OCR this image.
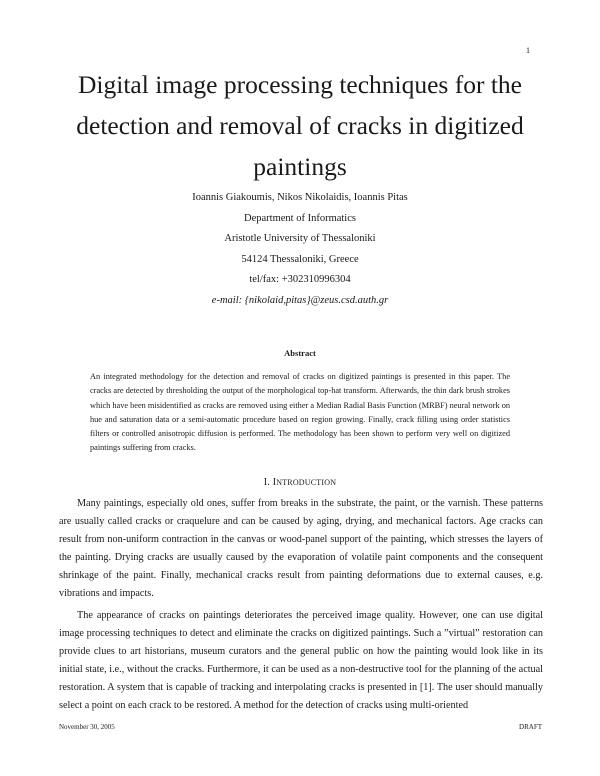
1
Digital image processing techniques for the detection and removal of cracks in digitized paintings
Ioannis Giakoumis, Nikos Nikolaidis, Ioannis Pitas
Department of Informatics
Aristotle University of Thessaloniki
54124 Thessaloniki, Greece
tel/fax: +302310996304
e-mail: {nikolaid,pitas}@zeus.csd.auth.gr
Abstract

An integrated methodology for the detection and removal of cracks on digitized paintings is presented in this paper. The cracks are detected by thresholding the output of the morphological top-hat transform. Afterwards, the thin dark brush strokes which have been misidentified as cracks are removed using either a Median Radial Basis Function (MRBF) neural network on hue and saturation data or a semi-automatic procedure based on region growing. Finally, crack filling using order statistics filters or controlled anisotropic diffusion is performed. The methodology has been shown to perform very well on digitized paintings suffering from cracks.

I. INTRODUCTION

Many paintings, especially old ones, suffer from breaks in the substrate, the paint, or the varnish. These patterns are usually called cracks or craquelure and can be caused by aging, drying, and mechanical factors. Age cracks can result from non-uniform contraction in the canvas or wood-panel support of the painting, which stresses the layers of the painting. Drying cracks are usually caused by the evaporation of volatile paint components and the consequent shrinkage of the paint. Finally, mechanical cracks result from painting deformations due to external causes, e.g. vibrations and impacts.

The appearance of cracks on paintings deteriorates the perceived image quality. However, one can use digital image processing techniques to detect and eliminate the cracks on digitized paintings. Such a ”virtual” restoration can provide clues to art historians, museum curators and the general public on how the painting would look like in its initial state, i.e., without the cracks. Furthermore, it can be used as a non-destructive tool for the planning of the actual restoration. A system that is capable of tracking and interpolating cracks is presented in [1]. The user should manually select a point on each crack to be restored. A method for the detection of cracks using multi-oriented

November 30, 2005	DRAFT
